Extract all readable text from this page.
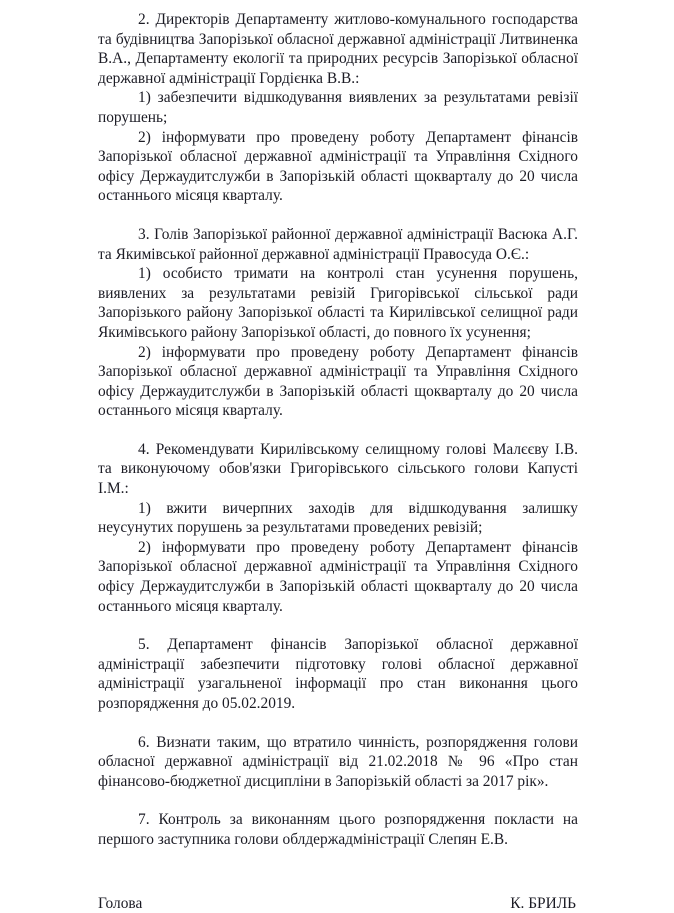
2. Директорів Департаменту житлово-комунального господарства та будівництва Запорізької обласної державної адміністрації Литвиненка В.А., Департаменту екології та природних ресурсів Запорізької обласної державної адміністрації Гордієнка В.В.:

1) забезпечити відшкодування виявлених за результатами ревізії порушень;

2) інформувати про проведену роботу Департамент фінансів Запорізької обласної державної адміністрації та Управління Східного офісу Держаудитслужби в Запорізькій області щокварталу до 20 числа останнього місяця кварталу.

3. Голів Запорізької районної державної адміністрації Васюка А.Г. та Якимівської районної державної адміністрації Правосуда О.Є.:

1) особисто тримати на контролі стан усунення порушень, виявлених за результатами ревізій Григорівської сільської ради Запорізького району Запорізької області та Кирилівської селищної ради Якимівського району Запорізької області, до повного їх усунення;

2) інформувати про проведену роботу Департамент фінансів Запорізької обласної державної адміністрації та Управління Східного офісу Держаудитслужби в Запорізькій області щокварталу до 20 числа останнього місяця кварталу.

4. Рекомендувати Кирилівському селищному голові Малєєву І.В. та виконуючому обов'язки Григорівського сільського голови Капусті І.М.:

1) вжити вичерпних заходів для відшкодування залишку неусунутих порушень за результатами проведених ревізій;

2) інформувати про проведену роботу Департамент фінансів Запорізької обласної державної адміністрації та Управління Східного офісу Держаудитслужби в Запорізькій області щокварталу до 20 числа останнього місяця кварталу.

5. Департамент фінансів Запорізької обласної державної адміністрації забезпечити підготовку голові обласної державної адміністрації узагальненої інформації про стан виконання цього розпорядження до 05.02.2019.

6. Визнати таким, що втратило чинність, розпорядження голови обласної державної адміністрації від 21.02.2018 № 96 «Про стан фінансово-бюджетної дисципліни в Запорізькій області за 2017 рік».

7. Контроль за виконанням цього розпорядження покласти на першого заступника голови облдержадміністрації Слепян Е.В.

Голова	К. БРИЛЬ
